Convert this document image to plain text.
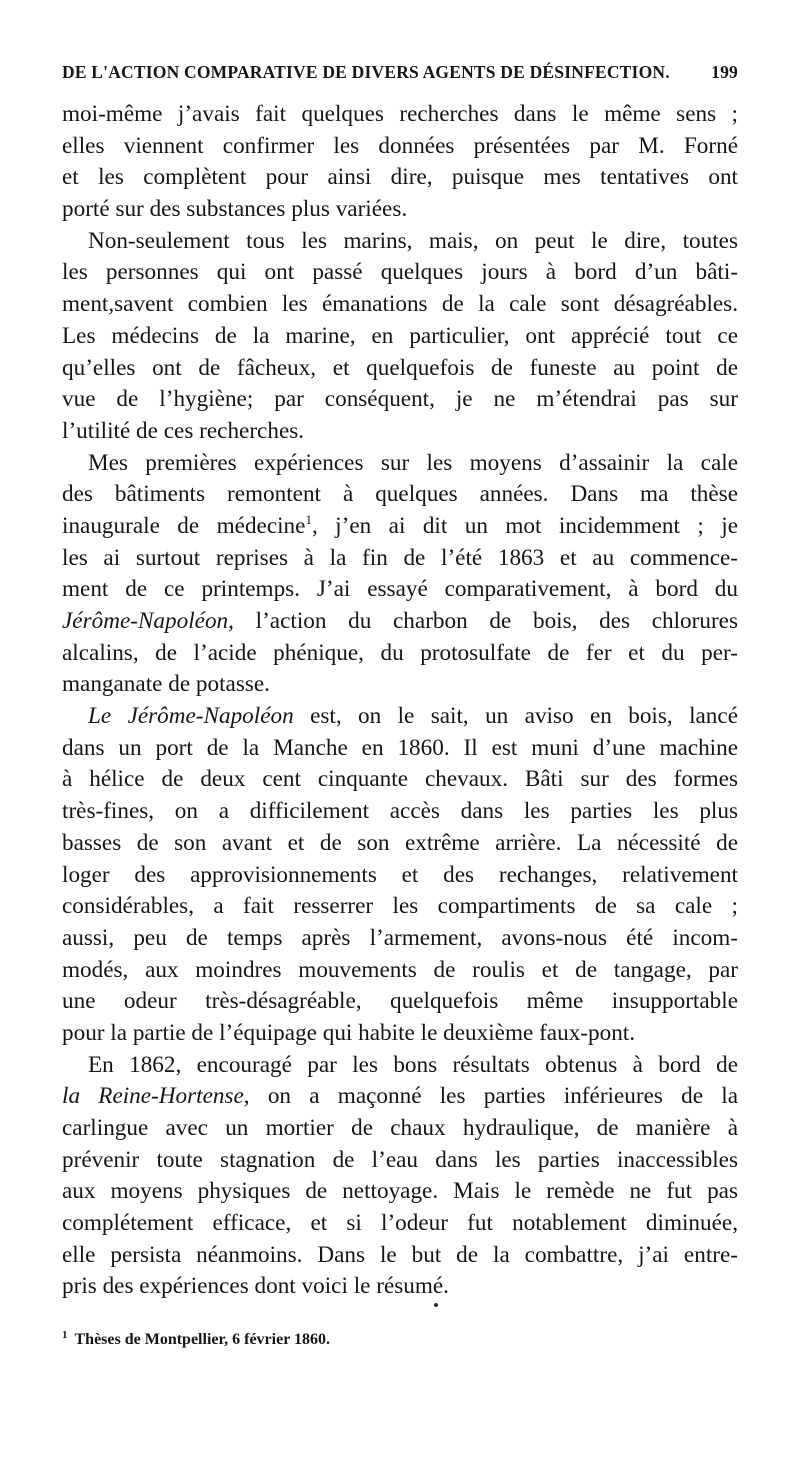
DE L'ACTION COMPARATIVE DE DIVERS AGENTS DE DÉSINFECTION. 199
moi-même j’avais fait quelques recherches dans le même sens ;
elles viennent confirmer les données présentées par M. Forné
et les complètent pour ainsi dire, puisque mes tentatives ont
porté sur des substances plus variées.
Non-seulement tous les marins, mais, on peut le dire, toutes
les personnes qui ont passé quelques jours à bord d’un bâti-
ment,savent combien les émanations de la cale sont désagréables.
Les médecins de la marine, en particulier, ont apprécié tout ce
qu’elles ont de fâcheux, et quelquefois de funeste au point de
vue de l’hygiène; par conséquent, je ne m’étendrai pas sur
l’utilité de ces recherches.
Mes premières expériences sur les moyens d’assainir la cale
des bâtiments remontent à quelques années. Dans ma thèse
inaugurale de médecine$^1$, j’en ai dit un mot incidemment ; je
les ai surtout reprises à la fin de l’été 1863 et au commence-
ment de ce printemps. J’ai essayé comparativement, à bord du
Jérôme-Napoléon, l’action du charbon de bois, des chlorures
alcalins, de l’acide phénique, du protosulfate de fer et du per-
manganate de potasse.
Le Jérôme-Napoléon est, on le sait, un aviso en bois, lancé
dans un port de la Manche en 1860. Il est muni d’une machine
à hélice de deux cent cinquante chevaux. Bâti sur des formes
très-fines, on a difficilement accès dans les parties les plus
basses de son avant et de son extrême arrière. La nécessité de
loger des approvisionnements et des rechanges, relativement
considérables, a fait resserrer les compartiments de sa cale ;
aussi, peu de temps après l’armement, avons-nous été incom-
modés, aux moindres mouvements de roulis et de tangage, par
une odeur très-désagréable, quelquefois même insupportable
pour la partie de l’équipage qui habite le deuxième faux-pont.
En 1862, encouragé par les bons résultats obtenus à bord de
la Reine-Hortense, on a maçonné les parties inférieures de la
carlingue avec un mortier de chaux hydraulique, de manière à
prévenir toute stagnation de l’eau dans les parties inaccessibles
aux moyens physiques de nettoyage. Mais le remède ne fut pas
complétement efficace, et si l’odeur fut notablement diminuée,
elle persista néanmoins. Dans le but de la combattre, j’ai entre-
pris des expériences dont voici le résumé.
$^1$ Thèses de Montpellier, 6 février 1860.
